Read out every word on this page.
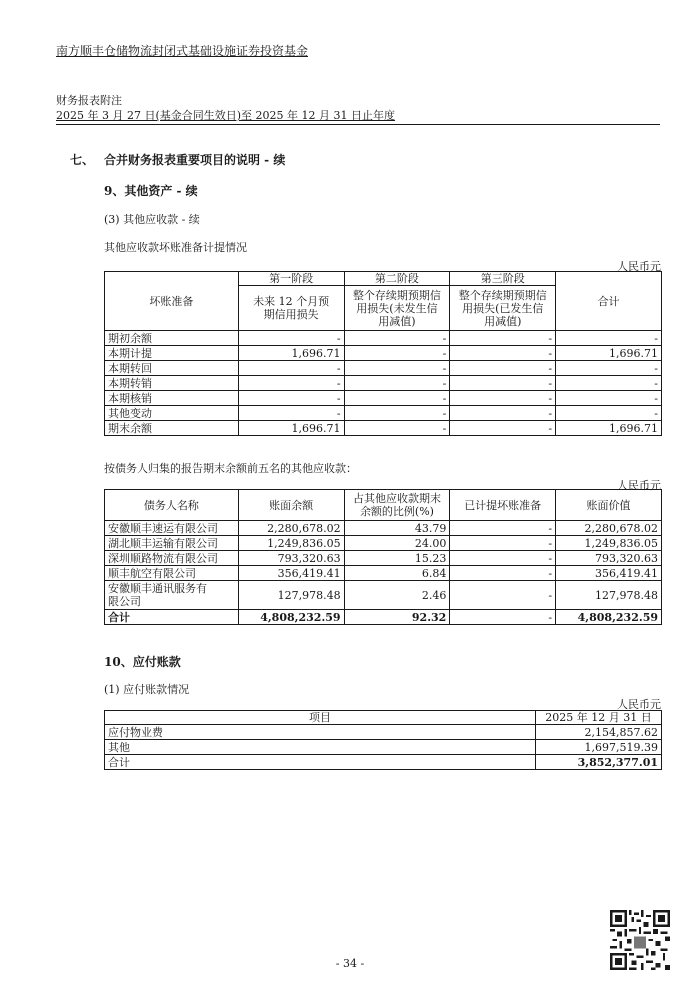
南方顺丰仓储物流封闭式基础设施证券投资基金
财务报表附注
2025 年 3 月 27 日(基金合同生效日)至 2025 年 12 月 31 日止年度
七、 合并财务报表重要项目的说明 - 续
9、其他资产 - 续
(3) 其他应收款 - 续
其他应收款坏账准备计提情况
人民币元
坏账准备	第一阶段	第二阶段	第三阶段	合计
	未来 12 个月预期信用损失	整个存续期预期信用损失(未发生信用减值)	整个存续期预期信用损失(已发生信用减值)	
期初余额	-	-	-	-
本期计提	1,696.71	-	-	1,696.71
本期转回	-	-	-	-
本期转销	-	-	-	-
本期核销	-	-	-	-
其他变动	-	-	-	-
期末余额	1,696.71	-	-	1,696.71
按债务人归集的报告期末余额前五名的其他应收款：
人民币元
债务人名称	账面余额	占其他应收款期末余额的比例(%)	已计提坏账准备	账面价值
安徽顺丰速运有限公司	2,280,678.02	43.79	-	2,280,678.02
湖北顺丰运输有限公司	1,249,836.05	24.00	-	1,249,836.05
深圳顺路物流有限公司	793,320.63	15.23	-	793,320.63
顺丰航空有限公司	356,419.41	6.84	-	356,419.41
安徽顺丰通讯服务有限公司	127,978.48	2.46	-	127,978.48
合计	4,808,232.59	92.32	-	4,808,232.59
10、应付账款
(1) 应付账款情况
人民币元
项目	2025 年 12 月 31 日
应付物业费	2,154,857.62
其他	1,697,519.39
合计	3,852,377.01
- 34 -
